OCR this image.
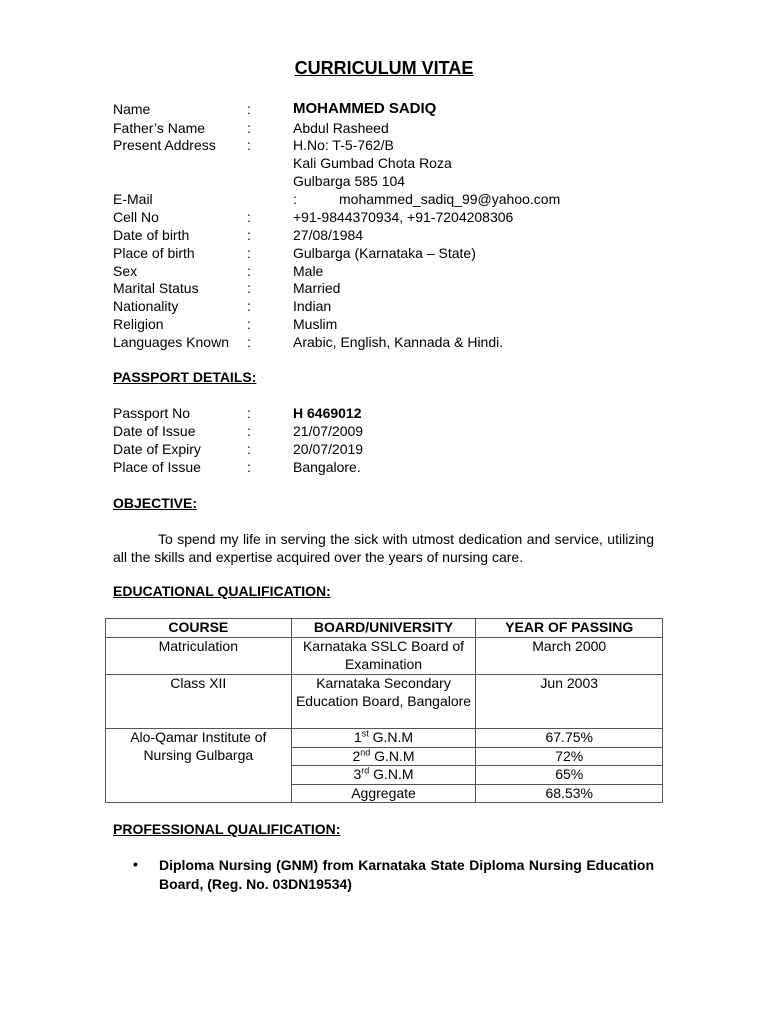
CURRICULUM VITAE
Name	:	MOHAMMED SADIQ
Father’s Name	:	Abdul Rasheed
Present Address :	H.No: T-5-762/B
Kali Gumbad Chota Roza
Gulbarga 585 104
E-Mail	:	mohammed_sadiq_99@yahoo.com
Cell No	:	+91-9844370934, +91-7204208306
Date of birth	:	27/08/1984
Place of birth	:	Gulbarga (Karnataka – State)
Sex	:	Male
Marital Status	:	Married
Nationality	:	Indian
Religion	:	Muslim
Languages Known :	Arabic, English, Kannada & Hindi.
PASSPORT DETAILS:
Passport No	:	H 6469012
Date of Issue	:	21/07/2009
Date of Expiry	:	20/07/2019
Place of Issue	:	Bangalore.
OBJECTIVE:
To spend my life in serving the sick with utmost dedication and service, utilizing all the skills and expertise acquired over the years of nursing care.
EDUCATIONAL QUALIFICATION:
COURSE	BOARD/UNIVERSITY	YEAR OF PASSING
Matriculation	Karnataka SSLC Board of Examination	March 2000
Class XII	Karnataka Secondary Education Board, Bangalore	Jun 2003
Alo-Qamar Institute of Nursing Gulbarga	1st G.N.M	67.75%
	2nd G.N.M	72%
	3rd G.N.M	65%
	Aggregate	68.53%
PROFESSIONAL QUALIFICATION:
• Diploma Nursing (GNM) from Karnataka State Diploma Nursing Education Board, (Reg. No. 03DN19534)
